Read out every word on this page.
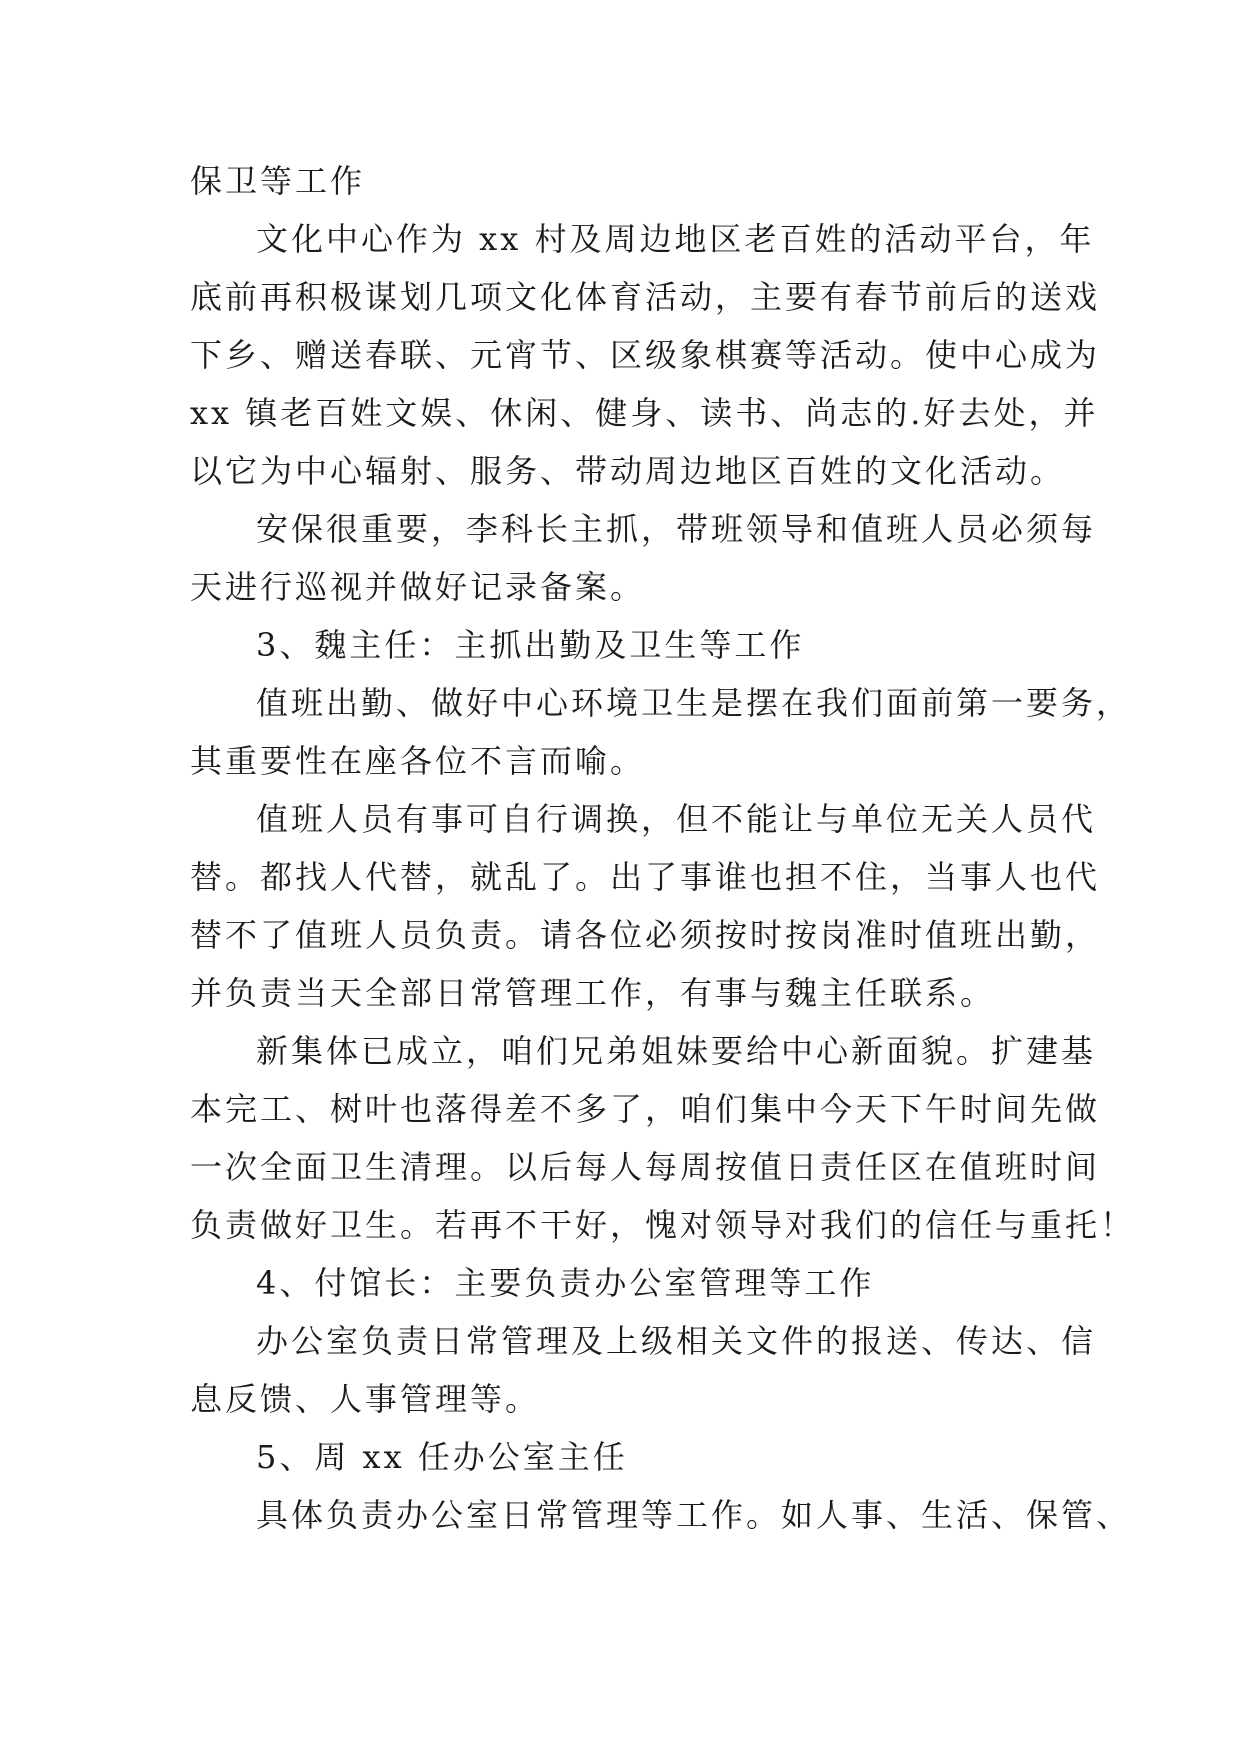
保卫等工作
文化中心作为 xx 村及周边地区老百姓的活动平台，年
底前再积极谋划几项文化体育活动，主要有春节前后的送戏
下乡、赠送春联、元宵节、区级象棋赛等活动。使中心成为
xx 镇老百姓文娱、休闲、健身、读书、尚志的.好去处，并
以它为中心辐射、服务、带动周边地区百姓的文化活动。
安保很重要，李科长主抓，带班领导和值班人员必须每
天进行巡视并做好记录备案。
3、魏主任：主抓出勤及卫生等工作
值班出勤、做好中心环境卫生是摆在我们面前第一要务，
其重要性在座各位不言而喻。
值班人员有事可自行调换，但不能让与单位无关人员代
替。都找人代替，就乱了。出了事谁也担不住，当事人也代
替不了值班人员负责。请各位必须按时按岗准时值班出勤，
并负责当天全部日常管理工作，有事与魏主任联系。
新集体已成立，咱们兄弟姐妹要给中心新面貌。扩建基
本完工、树叶也落得差不多了，咱们集中今天下午时间先做
一次全面卫生清理。以后每人每周按值日责任区在值班时间
负责做好卫生。若再不干好，愧对领导对我们的信任与重托！
4、付馆长：主要负责办公室管理等工作
办公室负责日常管理及上级相关文件的报送、传达、信
息反馈、人事管理等。
5、周 xx 任办公室主任
具体负责办公室日常管理等工作。如人事、生活、保管、
